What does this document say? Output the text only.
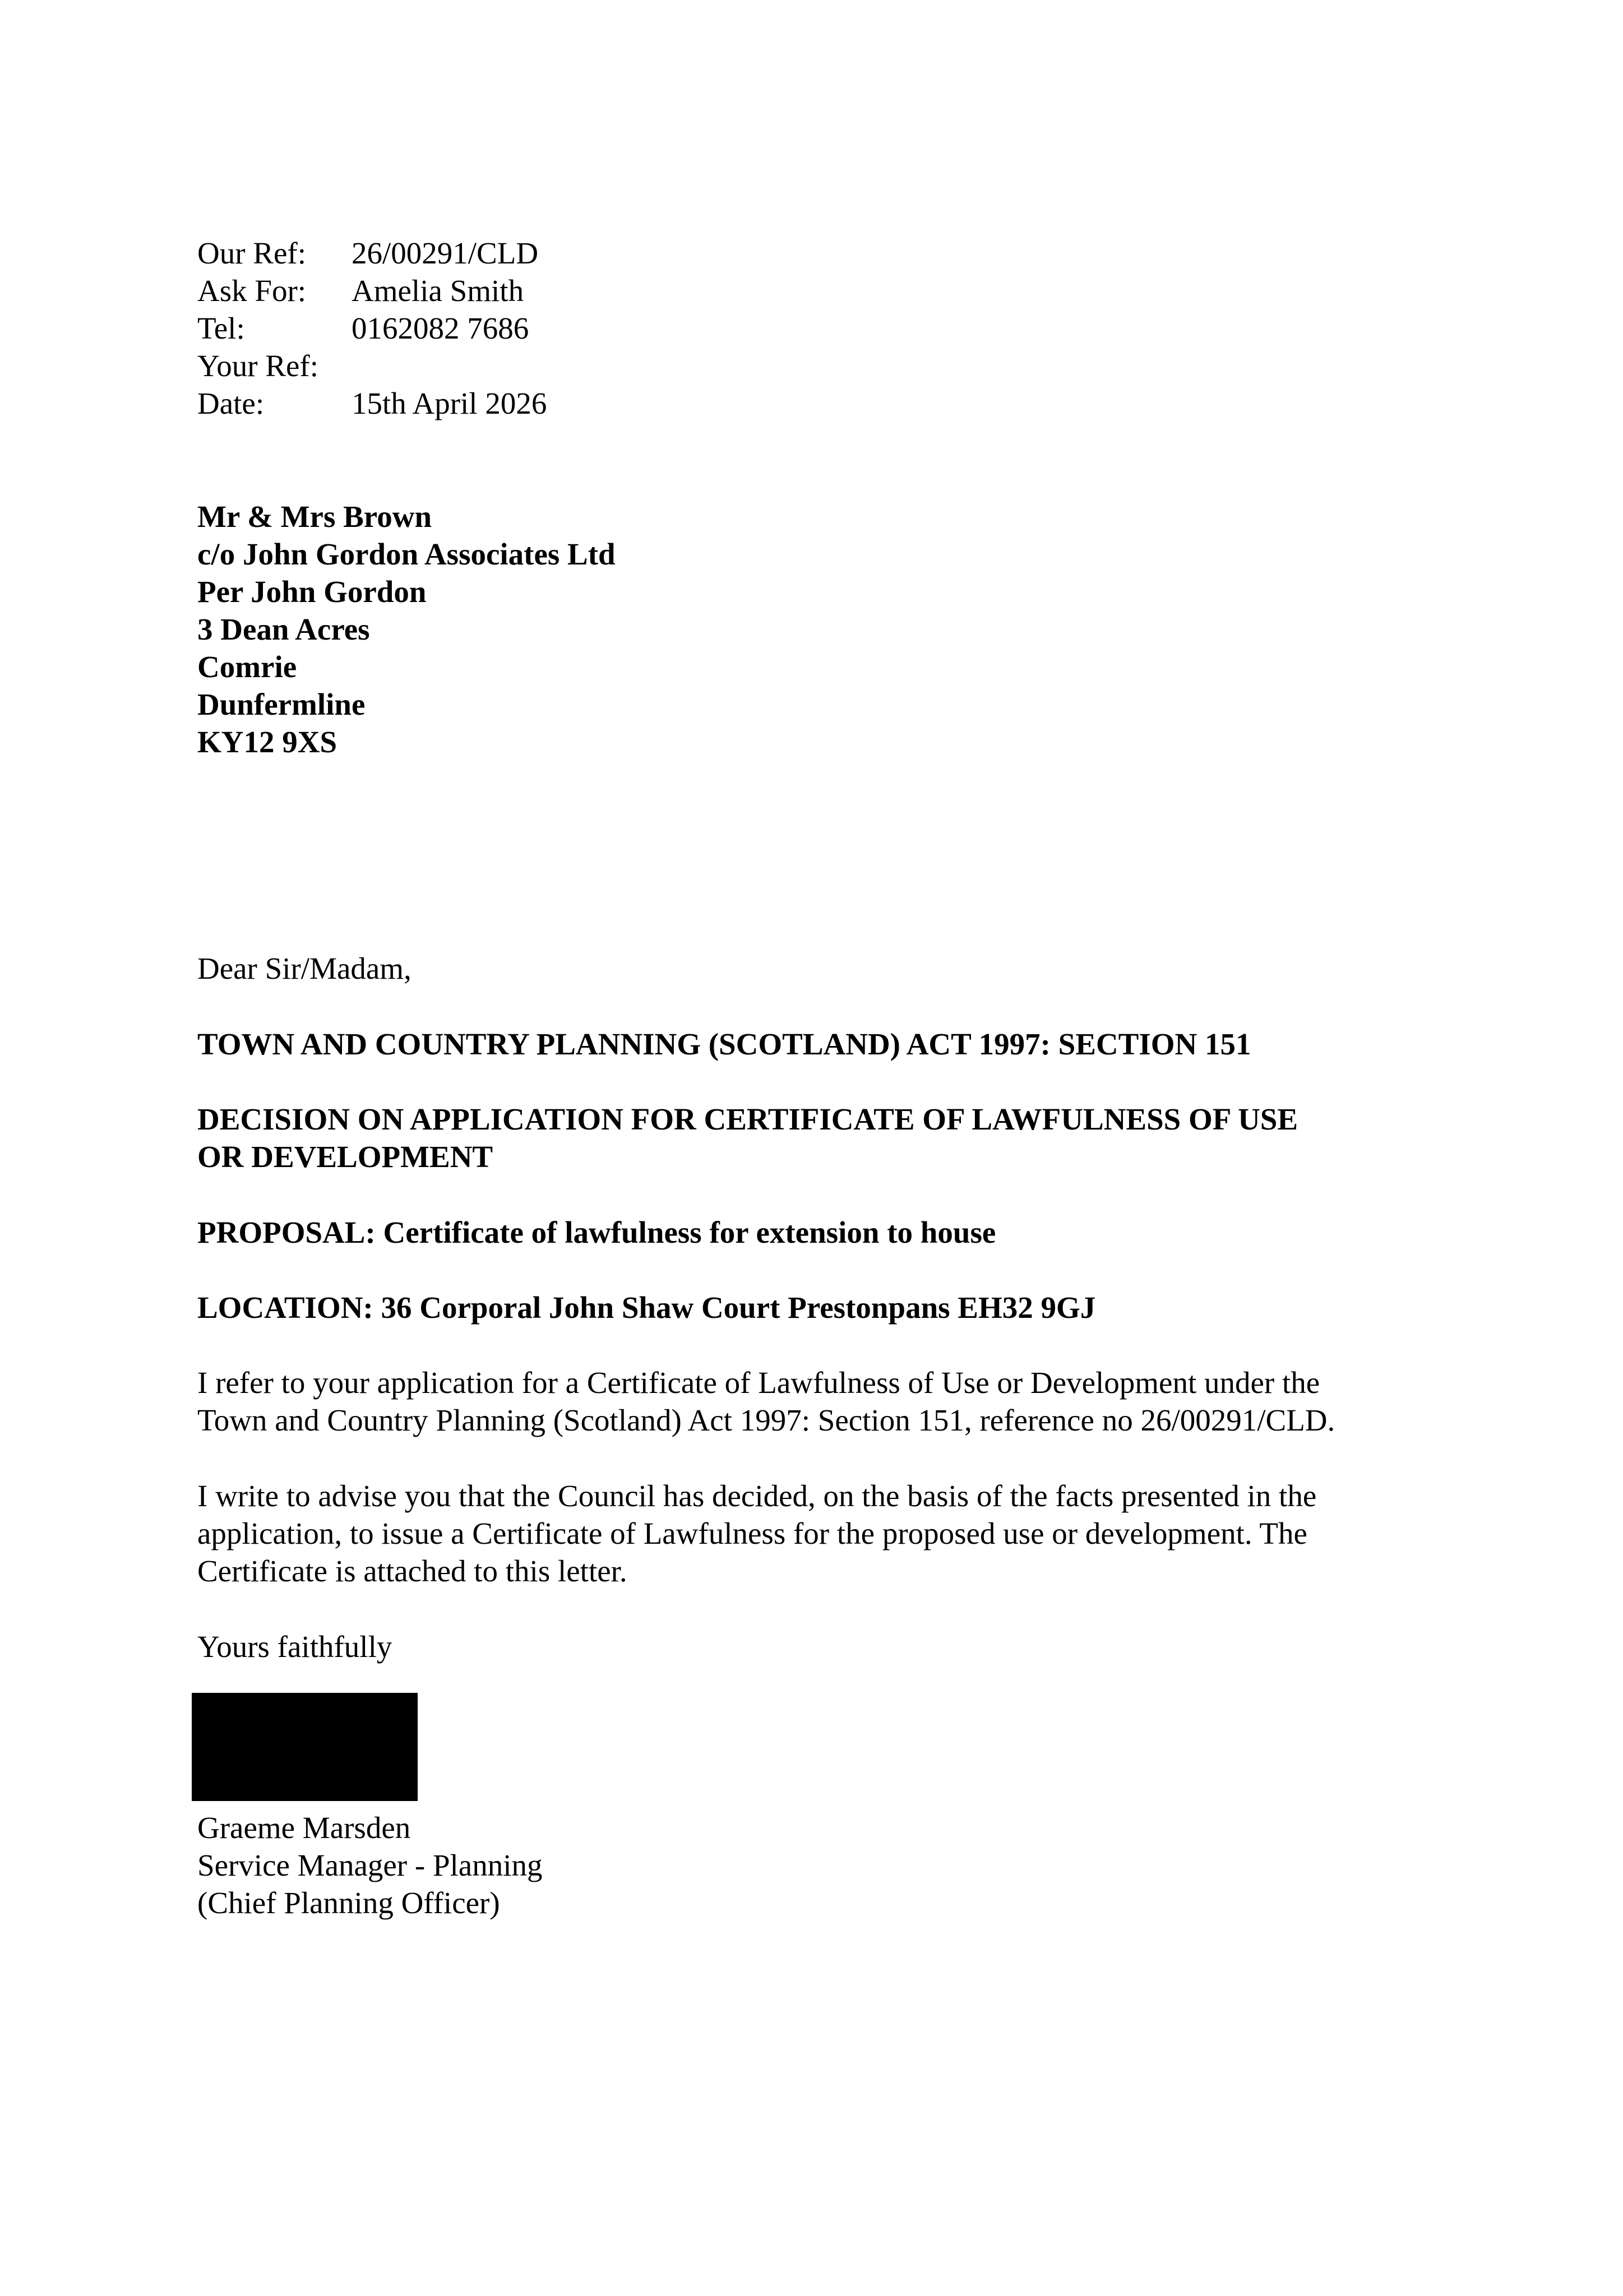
Our Ref:	26/00291/CLD
Ask For:	Amelia Smith
Tel:	0162082 7686
Your Ref:
Date:	15th April 2026
Mr & Mrs Brown
c/o John Gordon Associates Ltd
Per John Gordon
3 Dean Acres
Comrie
Dunfermline
KY12 9XS
Dear Sir/Madam,
TOWN AND COUNTRY PLANNING (SCOTLAND) ACT 1997: SECTION 151
DECISION ON APPLICATION FOR CERTIFICATE OF LAWFULNESS OF USE
OR DEVELOPMENT
PROPOSAL: Certificate of lawfulness for extension to house
LOCATION: 36 Corporal John Shaw Court Prestonpans EH32 9GJ
I refer to your application for a Certificate of Lawfulness of Use or Development under the
Town and Country Planning (Scotland) Act 1997: Section 151, reference no 26/00291/CLD.
I write to advise you that the Council has decided, on the basis of the facts presented in the
application, to issue a Certificate of Lawfulness for the proposed use or development. The
Certificate is attached to this letter.
Yours faithfully
Graeme Marsden
Service Manager - Planning
(Chief Planning Officer)
